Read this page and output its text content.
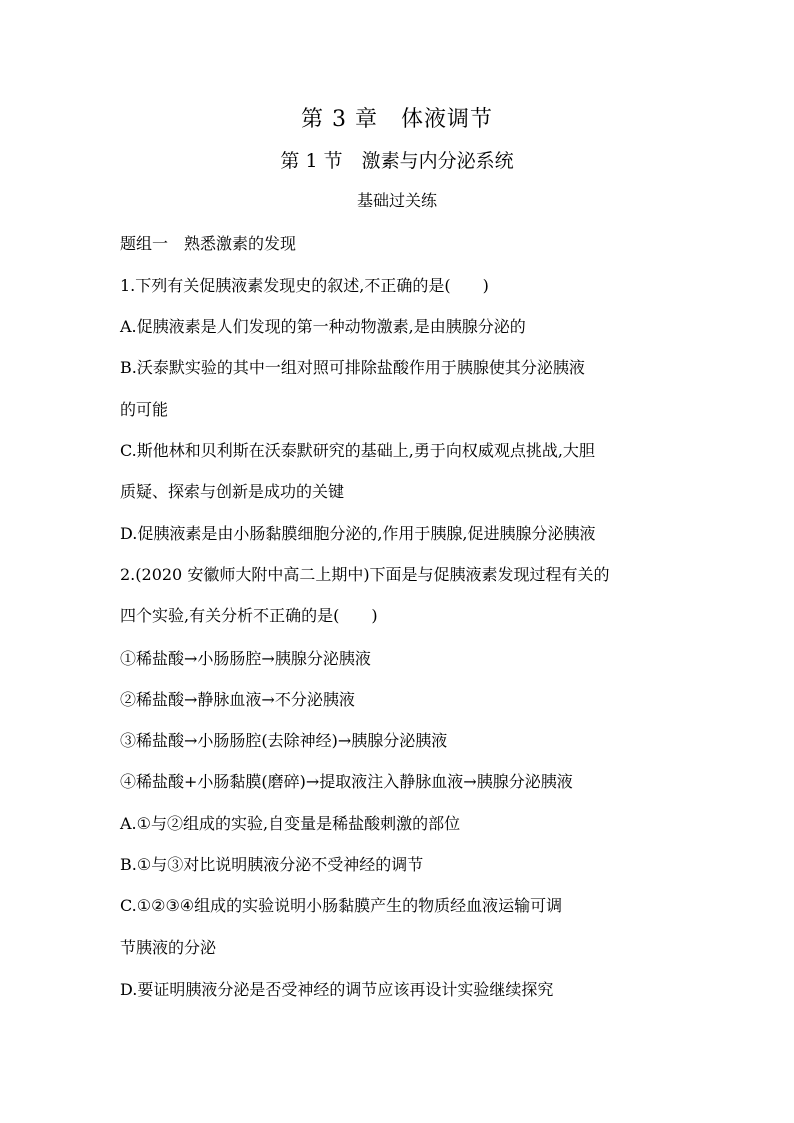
第 3 章　体液调节
第 1 节　激素与内分泌系统
基础过关练
题组一　熟悉激素的发现
1.下列有关促胰液素发现史的叙述,不正确的是(　　)
A.促胰液素是人们发现的第一种动物激素,是由胰腺分泌的
B.沃泰默实验的其中一组对照可排除盐酸作用于胰腺使其分泌胰液
的可能
C.斯他林和贝利斯在沃泰默研究的基础上,勇于向权威观点挑战,大胆
质疑、探索与创新是成功的关键
D.促胰液素是由小肠黏膜细胞分泌的,作用于胰腺,促进胰腺分泌胰液
2.(2020 安徽师大附中高二上期中)下面是与促胰液素发现过程有关的
四个实验,有关分析不正确的是(　　)
①稀盐酸→小肠肠腔→胰腺分泌胰液
②稀盐酸→静脉血液→不分泌胰液
③稀盐酸→小肠肠腔(去除神经)→胰腺分泌胰液
④稀盐酸+小肠黏膜(磨碎)→提取液注入静脉血液→胰腺分泌胰液
A.①与②组成的实验,自变量是稀盐酸刺激的部位
B.①与③对比说明胰液分泌不受神经的调节
C.①②③④组成的实验说明小肠黏膜产生的物质经血液运输可调
节胰液的分泌
D.要证明胰液分泌是否受神经的调节应该再设计实验继续探究
